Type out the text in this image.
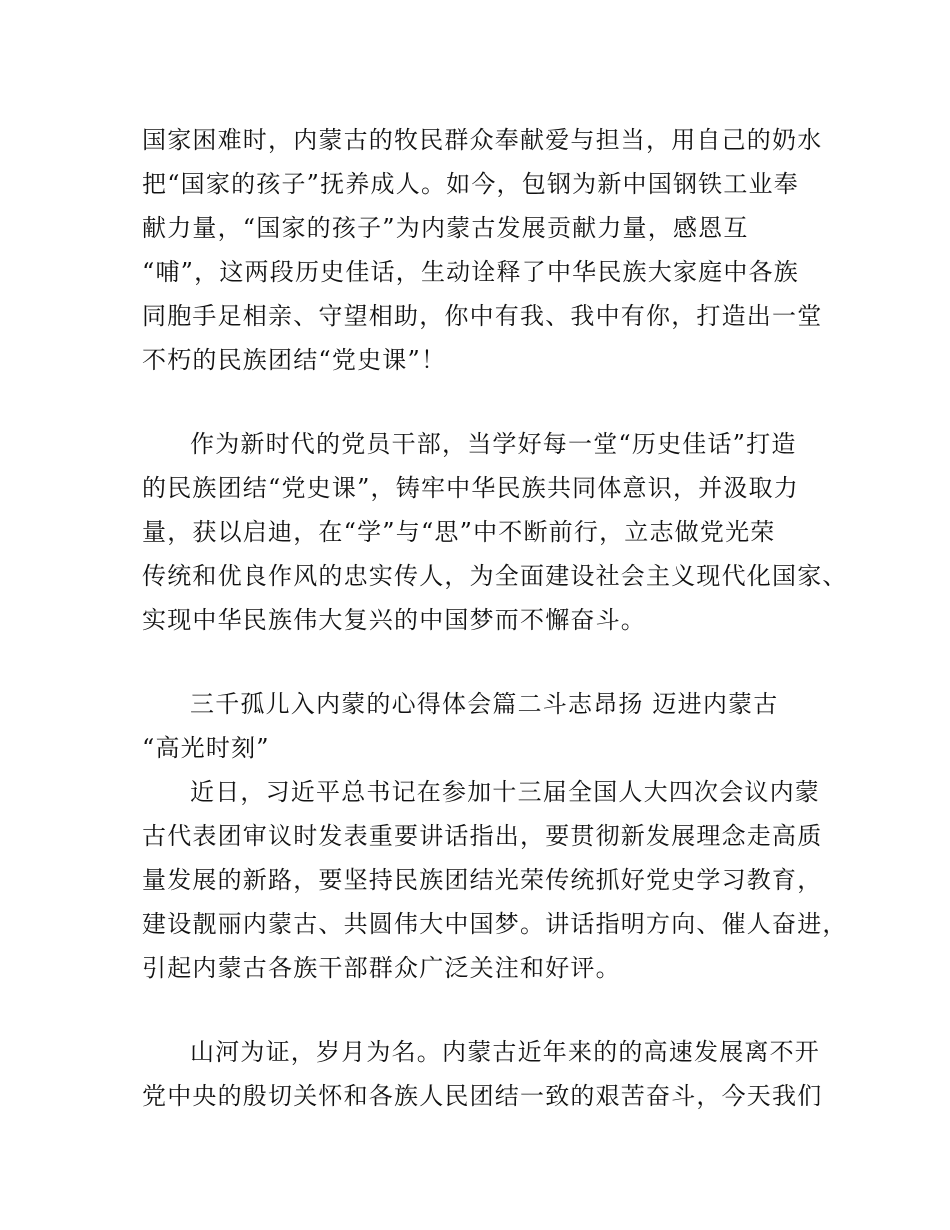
国家困难时，内蒙古的牧民群众奉献爱与担当，用自己的奶水
把“国家的孩子”抚养成人。如今，包钢为新中国钢铁工业奉
献力量，“国家的孩子”为内蒙古发展贡献力量，感恩互
“哺”，这两段历史佳话，生动诠释了中华民族大家庭中各族
同胞手足相亲、守望相助，你中有我、我中有你，打造出一堂
不朽的民族团结“党史课”！
作为新时代的党员干部，当学好每一堂“历史佳话”打造
的民族团结“党史课”，铸牢中华民族共同体意识，并汲取力
量，获以启迪，在“学”与“思”中不断前行，立志做党光荣
传统和优良作风的忠实传人，为全面建设社会主义现代化国家、
实现中华民族伟大复兴的中国梦而不懈奋斗。
三千孤儿入内蒙的心得体会篇二斗志昂扬 迈进内蒙古
“高光时刻”
近日，习近平总书记在参加十三届全国人大四次会议内蒙
古代表团审议时发表重要讲话指出，要贯彻新发展理念走高质
量发展的新路，要坚持民族团结光荣传统抓好党史学习教育，
建设靓丽内蒙古、共圆伟大中国梦。讲话指明方向、催人奋进，
引起内蒙古各族干部群众广泛关注和好评。
山河为证，岁月为名。内蒙古近年来的的高速发展离不开
党中央的殷切关怀和各族人民团结一致的艰苦奋斗，今天我们
